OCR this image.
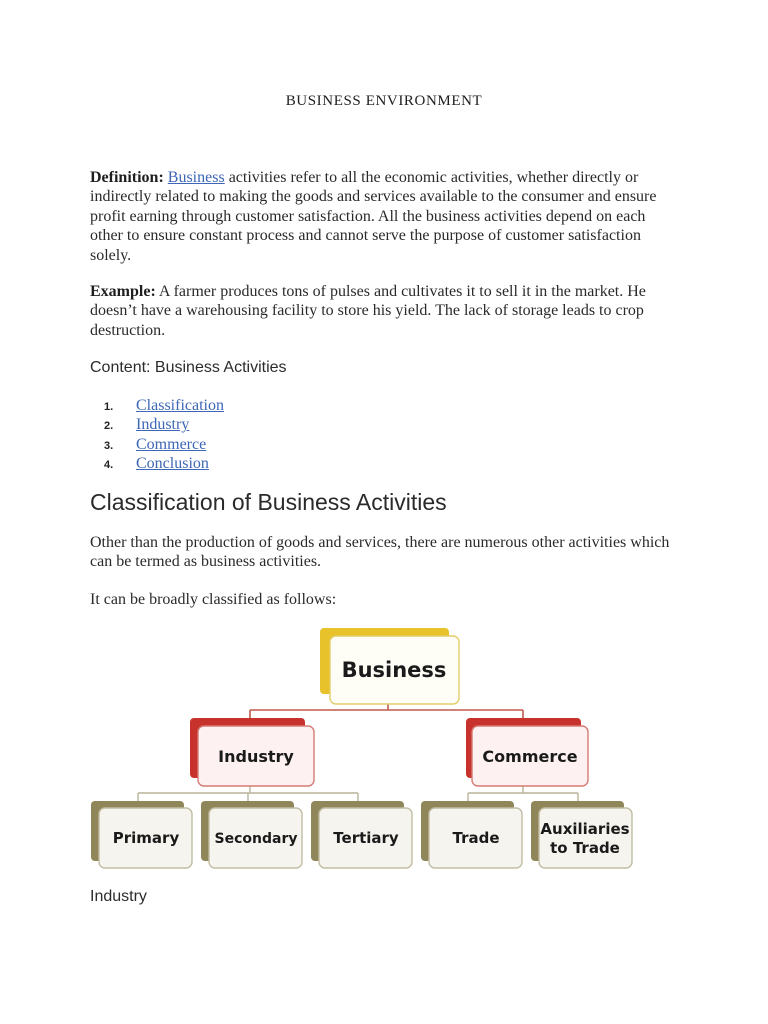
BUSINESS ENVIRONMENT
Definition: Business activities refer to all the economic activities, whether directly or indirectly related to making the goods and services available to the consumer and ensure profit earning through customer satisfaction. All the business activities depend on each other to ensure constant process and cannot serve the purpose of customer satisfaction solely.
Example: A farmer produces tons of pulses and cultivates it to sell it in the market. He doesn’t have a warehousing facility to store his yield. The lack of storage leads to crop destruction.
Content: Business Activities
1. Classification
2. Industry
3. Commerce
4. Conclusion
Classification of Business Activities
Other than the production of goods and services, there are numerous other activities which can be termed as business activities.
It can be broadly classified as follows:
Business
Industry	Commerce
Primary	Secondary Tertiary	Trade	Auxiliaries
to Trade
Industry
